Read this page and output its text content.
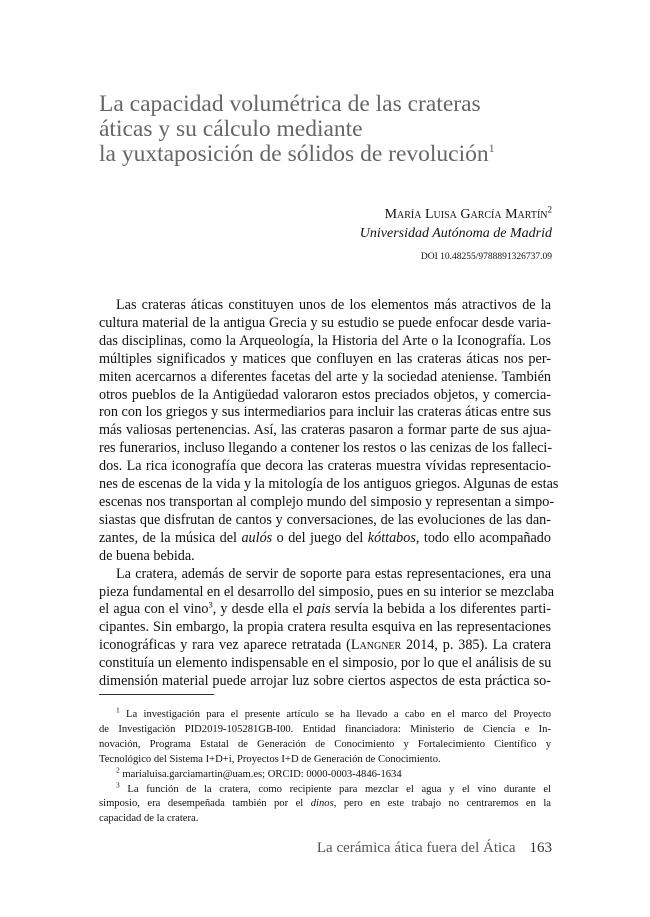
La capacidad volumétrica de las crateras
áticas y su cálculo mediante
la yuxtaposición de sólidos de revolución$^1$
María Luisa García Martín$^2$
Universidad Autónoma de Madrid
DOI 10.48255/9788891326737.09

Las crateras áticas constituyen unos de los elementos más atractivos de la
cultura material de la antigua Grecia y su estudio se puede enfocar desde varia-
das disciplinas, como la Arqueología, la Historia del Arte o la Iconografía. Los
múltiples significados y matices que confluyen en las crateras áticas nos per-
miten acercarnos a diferentes facetas del arte y la sociedad ateniense. También
otros pueblos de la Antigüedad valoraron estos preciados objetos, y comercia-
ron con los griegos y sus intermediarios para incluir las crateras áticas entre sus
más valiosas pertenencias. Así, las crateras pasaron a formar parte de sus ajua-
res funerarios, incluso llegando a contener los restos o las cenizas de los falleci-
dos. La rica iconografía que decora las crateras muestra vívidas representacio-
nes de escenas de la vida y la mitología de los antiguos griegos. Algunas de estas
escenas nos transportan al complejo mundo del simposio y representan a simpo-
siastas que disfrutan de cantos y conversaciones, de las evoluciones de las dan-
zantes, de la música del aulós o del juego del kóttabos, todo ello acompañado
de buena bebida.

La cratera, además de servir de soporte para estas representaciones, era una
pieza fundamental en el desarrollo del simposio, pues en su interior se mezclaba
el agua con el vino$^3$, y desde ella el pais servía la bebida a los diferentes parti-
cipantes. Sin embargo, la propia cratera resulta esquiva en las representaciones
iconográficas y rara vez aparece retratada (Langner 2014, p. 385). La cratera
constituía un elemento indispensable en el simposio, por lo que el análisis de su
dimensión material puede arrojar luz sobre ciertos aspectos de esta práctica so-

$^1$ La investigación para el presente artículo se ha llevado a cabo en el marco del Proyecto
de Investigación PID2019-105281GB-I00. Entidad financiadora: Ministerio de Ciencia e In-
novación, Programa Estatal de Generación de Conocimiento y Fortalecimiento Científico y
Tecnológico del Sistema I+D+i, Proyectos I+D de Generación de Conocimiento.

$^2$ marialuisa.garciamartin@uam.es; ORCID: 0000-0003-4846-1634

$^3$ La función de la cratera, como recipiente para mezclar el agua y el vino durante el
simposio, era desempeñada también por el dinos, pero en este trabajo no centraremos en la
capacidad de la cratera.

La cerámica ática fuera del Ática 163
